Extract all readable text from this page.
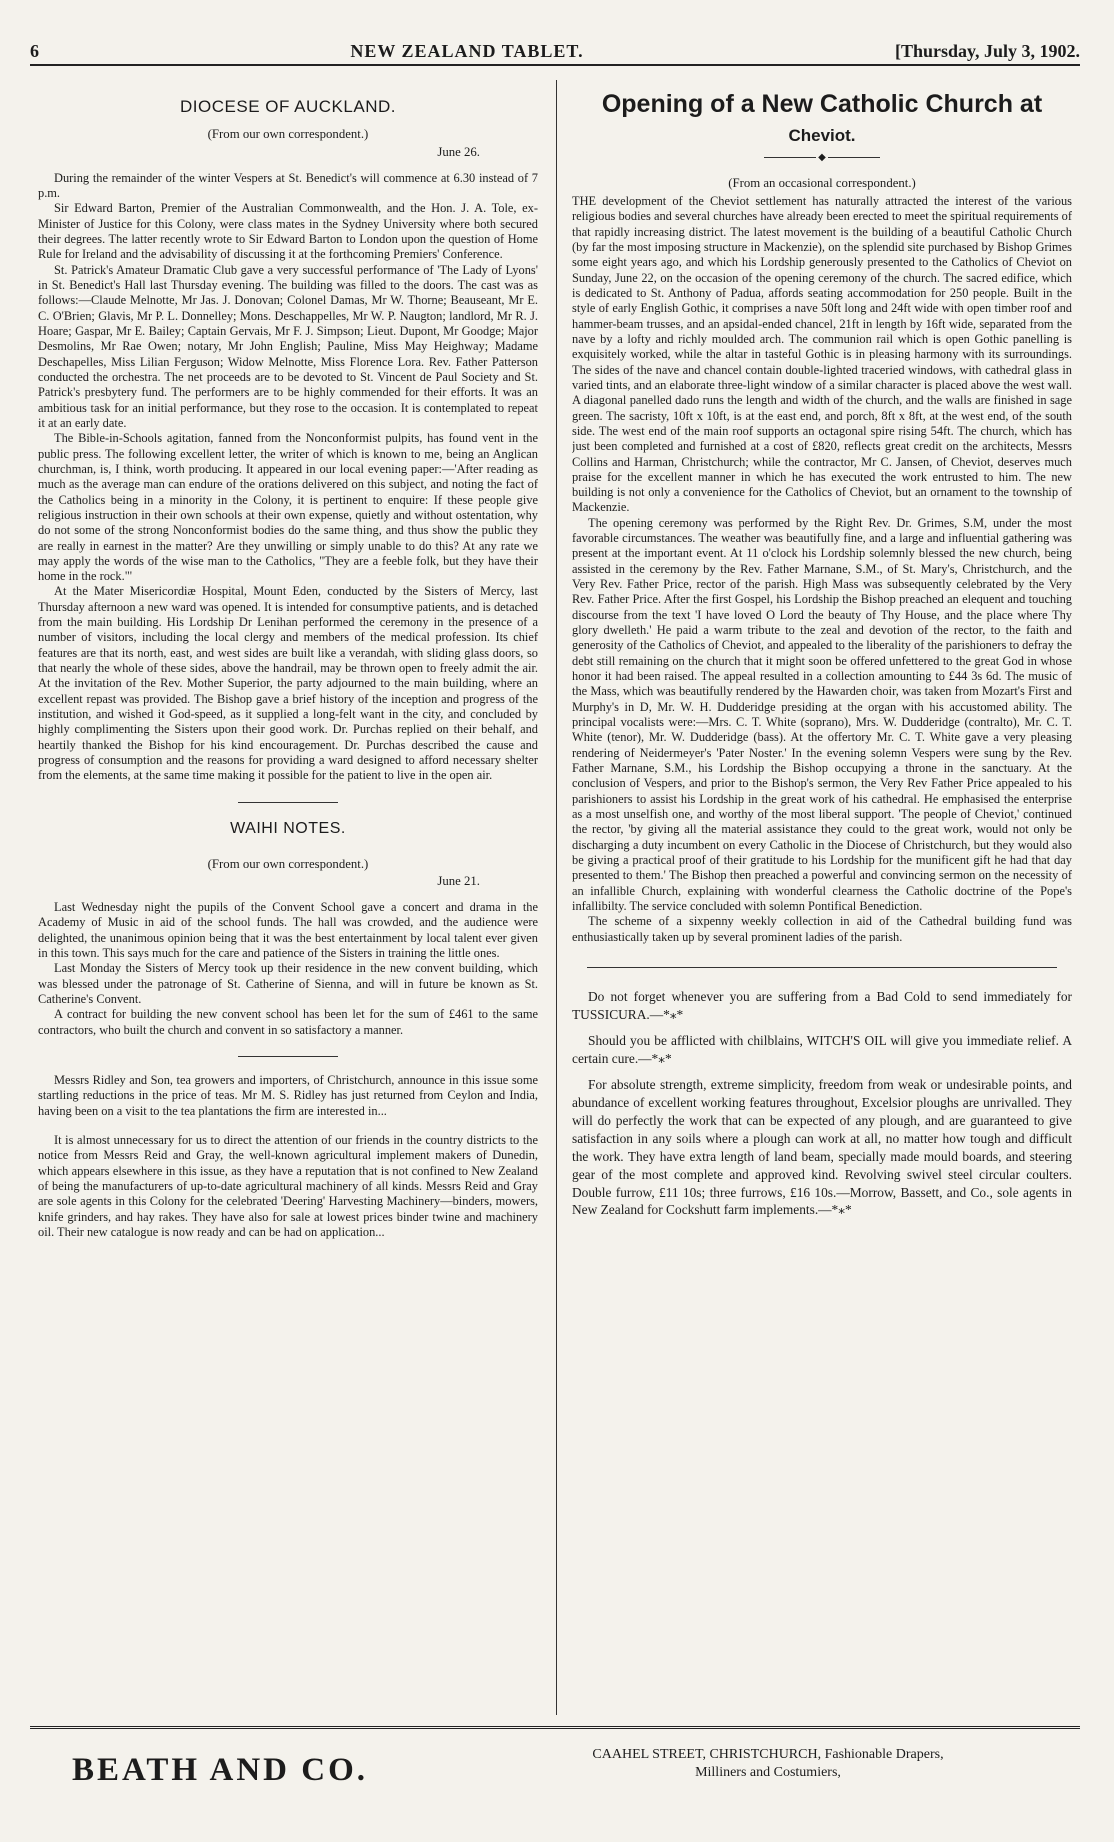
6	NEW ZEALAND TABLET.	[Thursday, July 3, 1902.
DIOCESE OF AUCKLAND.
(From our own correspondent.)
June 26.

During the remainder of the winter Vespers at St. Benedict's will commence at 6.30 instead of 7 p.m.

Sir Edward Barton, Premier of the Australian Commonwealth, and the Hon. J. A. Tole, ex-Minister of Justice for this Colony, were class mates in the Sydney University where both secured their degrees. The latter recently wrote to Sir Edward Barton to London upon the question of Home Rule for Ireland and the advisability of discussing it at the forthcoming Premiers' Conference.

St. Patrick's Amateur Dramatic Club gave a very successful performance of 'The Lady of Lyons' in St. Benedict's Hall last Thursday evening. The building was filled to the doors. The cast was as follows:—Claude Melnotte, Mr Jas. J. Donovan; Colonel Damas, Mr W. Thorne; Beauseant, Mr E. C. O'Brien; Glavis, Mr P. L. Donnelley; Mons. Deschappelles, Mr W. P. Naugton; landlord, Mr R. J. Hoare; Gaspar, Mr E. Bailey; Captain Gervais, Mr F. J. Simpson; Lieut. Dupont, Mr Goodge; Major Desmolins, Mr Rae Owen; notary, Mr John English; Pauline, Miss May Heighway; Madame Deschapelles, Miss Lilian Ferguson; Widow Melnotte, Miss Florence Lora. Rev. Father Patterson conducted the orchestra. The net proceeds are to be devoted to St. Vincent de Paul Society and St. Patrick's presbytery fund. The performers are to be highly commended for their efforts. It was an ambitious task for an initial performance, but they rose to the occasion. It is contemplated to repeat it at an early date.

The Bible-in-Schools agitation, fanned from the Nonconformist pulpits, has found vent in the public press. The following excellent letter, the writer of which is known to me, being an Anglican churchman, is, I think, worth producing. It appeared in our local evening paper:—'After reading as much as the average man can endure of the orations delivered on this subject, and noting the fact of the Catholics being in a minority in the Colony, it is pertinent to enquire: If these people give religious instruction in their own schools at their own expense, quietly and without ostentation, why do not some of the strong Nonconformist bodies do the same thing, and thus show the public they are really in earnest in the matter? Are they unwilling or simply unable to do this? At any rate we may apply the words of the wise man to the Catholics, "They are a feeble folk, but they have their home in the rock."'

At the Mater Misericordiæ Hospital, Mount Eden, conducted by the Sisters of Mercy, last Thursday afternoon a new ward was opened. It is intended for consumptive patients, and is detached from the main building. His Lordship Dr Lenihan performed the ceremony in the presence of a number of visitors, including the local clergy and members of the medical profession. Its chief features are that its north, east, and west sides are built like a verandah, with sliding glass doors, so that nearly the whole of these sides, above the handrail, may be thrown open to freely admit the air. At the invitation of the Rev. Mother Superior, the party adjourned to the main building, where an excellent repast was provided. The Bishop gave a brief history of the inception and progress of the institution, and wished it God-speed, as it supplied a long-felt want in the city, and concluded by highly complimenting the Sisters upon their good work. Dr. Purchas replied on their behalf, and heartily thanked the Bishop for his kind encouragement. Dr. Purchas described the cause and progress of consumption and the reasons for providing a ward designed to afford necessary shelter from the elements, at the same time making it possible for the patient to live in the open air.

WAIHI NOTES.
(From our own correspondent.)
June 21.

Last Wednesday night the pupils of the Convent School gave a concert and drama in the Academy of Music in aid of the school funds. The hall was crowded, and the audience were delighted, the unanimous opinion being that it was the best entertainment by local talent ever given in this town. This says much for the care and patience of the Sisters in training the little ones.

Last Monday the Sisters of Mercy took up their residence in the new convent building, which was blessed under the patronage of St. Catherine of Sienna, and will in future be known as St. Catherine's Convent.

A contract for building the new convent school has been let for the sum of £461 to the same contractors, who built the church and convent in so satisfactory a manner.

Messrs Ridley and Son, tea growers and importers, of Christchurch, announce in this issue some startling reductions in the price of teas. Mr M. S. Ridley has just returned from Ceylon and India, having been on a visit to the tea plantations the firm are interested in...

It is almost unnecessary for us to direct the attention of our friends in the country districts to the notice from Messrs Reid and Gray, the well-known agricultural implement makers of Dunedin, which appears elsewhere in this issue, as they have a reputation that is not confined to New Zealand of being the manufacturers of up-to-date agricultural machinery of all kinds. Messrs Reid and Gray are sole agents in this Colony for the celebrated 'Deering' Harvesting Machinery—binders, mowers, knife grinders, and hay rakes. They have also for sale at lowest prices binder twine and machinery oil. Their new catalogue is now ready and can be had on application...

Opening of a New Catholic Church at
Cheviot.
◆
(From an occasional correspondent.)

THE development of the Cheviot settlement has naturally attracted the interest of the various religious bodies and several churches have already been erected to meet the spiritual requirements of that rapidly increasing district. The latest movement is the building of a beautiful Catholic Church (by far the most imposing structure in Mackenzie), on the splendid site purchased by Bishop Grimes some eight years ago, and which his Lordship generously presented to the Catholics of Cheviot on Sunday, June 22, on the occasion of the opening ceremony of the church. The sacred edifice, which is dedicated to St. Anthony of Padua, affords seating accommodation for 250 people. Built in the style of early English Gothic, it comprises a nave 50ft long and 24ft wide with open timber roof and hammer-beam trusses, and an apsidal-ended chancel, 21ft in length by 16ft wide, separated from the nave by a lofty and richly moulded arch. The communion rail which is open Gothic panelling is exquisitely worked, while the altar in tasteful Gothic is in pleasing harmony with its surroundings. The sides of the nave and chancel contain double-lighted traceried windows, with cathedral glass in varied tints, and an elaborate three-light window of a similar character is placed above the west wall. A diagonal panelled dado runs the length and width of the church, and the walls are finished in sage green. The sacristy, 10ft x 10ft, is at the east end, and porch, 8ft x 8ft, at the west end, of the south side. The west end of the main roof supports an octagonal spire rising 54ft. The church, which has just been completed and furnished at a cost of £820, reflects great credit on the architects, Messrs Collins and Harman, Christchurch; while the contractor, Mr C. Jansen, of Cheviot, deserves much praise for the excellent manner in which he has executed the work entrusted to him. The new building is not only a convenience for the Catholics of Cheviot, but an ornament to the township of Mackenzie.

The opening ceremony was performed by the Right Rev. Dr. Grimes, S.M, under the most favorable circumstances. The weather was beautifully fine, and a large and influential gathering was present at the important event. At 11 o'clock his Lordship solemnly blessed the new church, being assisted in the ceremony by the Rev. Father Marnane, S.M., of St. Mary's, Christchurch, and the Very Rev. Father Price, rector of the parish. High Mass was subsequently celebrated by the Very Rev. Father Price. After the first Gospel, his Lordship the Bishop preached an elequent and touching discourse from the text 'I have loved O Lord the beauty of Thy House, and the place where Thy glory dwelleth.' He paid a warm tribute to the zeal and devotion of the rector, to the faith and generosity of the Catholics of Cheviot, and appealed to the liberality of the parishioners to defray the debt still remaining on the church that it might soon be offered unfettered to the great God in whose honor it had been raised. The appeal resulted in a collection amounting to £44 3s 6d. The music of the Mass, which was beautifully rendered by the Hawarden choir, was taken from Mozart's First and Murphy's in D, Mr. W. H. Dudderidge presiding at the organ with his accustomed ability. The principal vocalists were:—Mrs. C. T. White (soprano), Mrs. W. Dudderidge (contralto), Mr. C. T. White (tenor), Mr. W. Dudderidge (bass). At the offertory Mr. C. T. White gave a very pleasing rendering of Neidermeyer's 'Pater Noster.' In the evening solemn Vespers were sung by the Rev. Father Marnane, S.M., his Lordship the Bishop occupying a throne in the sanctuary. At the conclusion of Vespers, and prior to the Bishop's sermon, the Very Rev Father Price appealed to his parishioners to assist his Lordship in the great work of his cathedral. He emphasised the enterprise as a most unselfish one, and worthy of the most liberal support. 'The people of Cheviot,' continued the rector, 'by giving all the material assistance they could to the great work, would not only be discharging a duty incumbent on every Catholic in the Diocese of Christchurch, but they would also be giving a practical proof of their gratitude to his Lordship for the munificent gift he had that day presented to them.' The Bishop then preached a powerful and convincing sermon on the necessity of an infallible Church, explaining with wonderful clearness the Catholic doctrine of the Pope's infallibilty. The service concluded with solemn Pontifical Benediction.

The scheme of a sixpenny weekly collection in aid of the Cathedral building fund was enthusiastically taken up by several prominent ladies of the parish.

Do not forget whenever you are suffering from a Bad Cold to send immediately for TUSSICURA.—*⁎*

Should you be afflicted with chilblains, WITCH'S OIL will give you immediate relief. A certain cure.—*⁎*

For absolute strength, extreme simplicity, freedom from weak or undesirable points, and abundance of excellent working features throughout, Excelsior ploughs are unrivalled. They will do perfectly the work that can be expected of any plough, and are guaranteed to give satisfaction in any soils where a plough can work at all, no matter how tough and difficult the work. They have extra length of land beam, specially made mould boards, and steering gear of the most complete and approved kind. Revolving swivel steel circular coulters. Double furrow, £11 10s; three furrows, £16 10s.—Morrow, Bassett, and Co., sole agents in New Zealand for Cockshutt farm implements.—*⁎*

BEATH AND CO.	CAAHEL STREET, CHRISTCHURCH, Fashionable Drapers,
Milliners and Costumiers,
